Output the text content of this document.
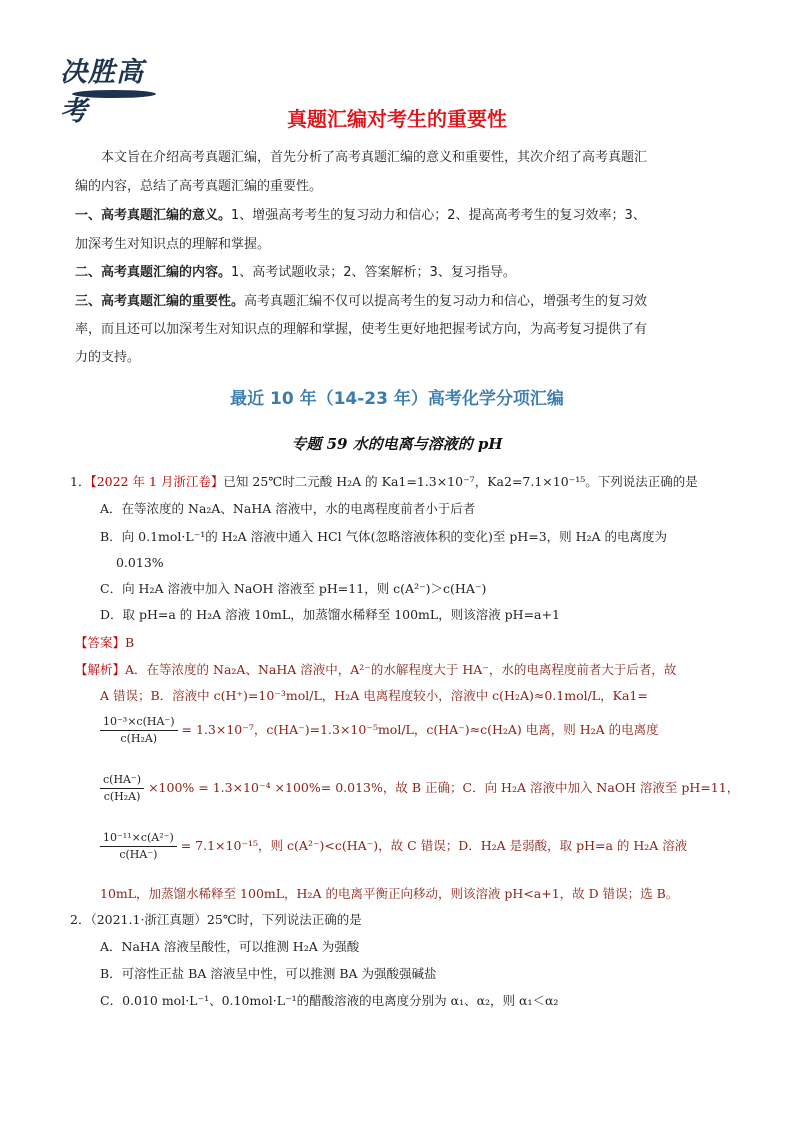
决胜高考	真题汇编对考生的重要性
本文旨在介绍高考真题汇编，首先分析了高考真题汇编的意义和重要性，其次介绍了高考真题汇
编的内容，总结了高考真题汇编的重要性。
一、高考真题汇编的意义。1、增强高考考生的复习动力和信心；2、提高高考考生的复习效率；3、
加深考生对知识点的理解和掌握。
二、高考真题汇编的内容。1、高考试题收录；2、答案解析；3、复习指导。
三、高考真题汇编的重要性。高考真题汇编不仅可以提高考生的复习动力和信心，增强考生的复习效
率，而且还可以加深考生对知识点的理解和掌握，使考生更好地把握考试方向，为高考复习提供了有
力的支持。
最近 10 年（14-23 年）高考化学分项汇编
专题 59 水的电离与溶液的 pH
1．【2022 年 1 月浙江卷】已知 25℃时二元酸 H₂A 的 Ka1=1.3×10⁻⁷，Ka2=7.1×10⁻¹⁵。下列说法正确的是
A．在等浓度的 Na₂A、NaHA 溶液中，水的电离程度前者小于后者
B．向 0.1mol·L⁻¹的 H₂A 溶液中通入 HCl 气体(忽略溶液体积的变化)至 pH=3，则 H₂A 的电离度为
0.013%
C．向 H₂A 溶液中加入 NaOH 溶液至 pH=11，则 c(A²⁻)＞c(HA⁻)
D．取 pH=a 的 H₂A 溶液 10mL，加蒸馏水稀释至 100mL，则该溶液 pH=a+1
【答案】B
【解析】A．在等浓度的 Na₂A、NaHA 溶液中，A²⁻的水解程度大于 HA⁻，水的电离程度前者大于后者，故
A 错误；B．溶液中 c(H⁺)=10⁻³mol/L，H₂A 电离程度较小，溶液中 c(H₂A)≈0.1mol/L，Ka1=
$\frac{\text{10⁻³×c(HA⁻)}}{\text{c(H₂A)}} = 1.3\times 10^{-7}$，c(HA⁻)=1.3×10⁻⁵mol/L，c(HA⁻)≈c(H₂A) 电离，则 H₂A 的电离度
$\frac{c(HA^-)}{\text{c(H₂A)}} \times 100\% = 1.3\times 10^{-4} \times 100\%= 0.013\%$，故 B 正确；C．向 H₂A 溶液中加入 NaOH 溶液至 pH=11，
$\frac{\text{10⁻¹¹×c(A²⁻)}}{c(HA^-)} = 7.1\times 10^{-15}$，则 c(A²⁻)<c(HA⁻)，故 C 错误；D．H₂A 是弱酸，取 pH=a 的 H₂A 溶液
10mL，加蒸馏水稀释至 100mL，H₂A 的电离平衡正向移动，则该溶液 pH<a+1，故 D 错误；选 B。
2．（2021.1·浙江真题）25℃时，下列说法正确的是
A．NaHA 溶液呈酸性，可以推测 H₂A 为强酸
B．可溶性正盐 BA 溶液呈中性，可以推测 BA 为强酸强碱盐
C．0.010 mol·L⁻¹、0.10mol·L⁻¹的醋酸溶液的电离度分别为 α₁、α₂，则 α₁＜α₂
